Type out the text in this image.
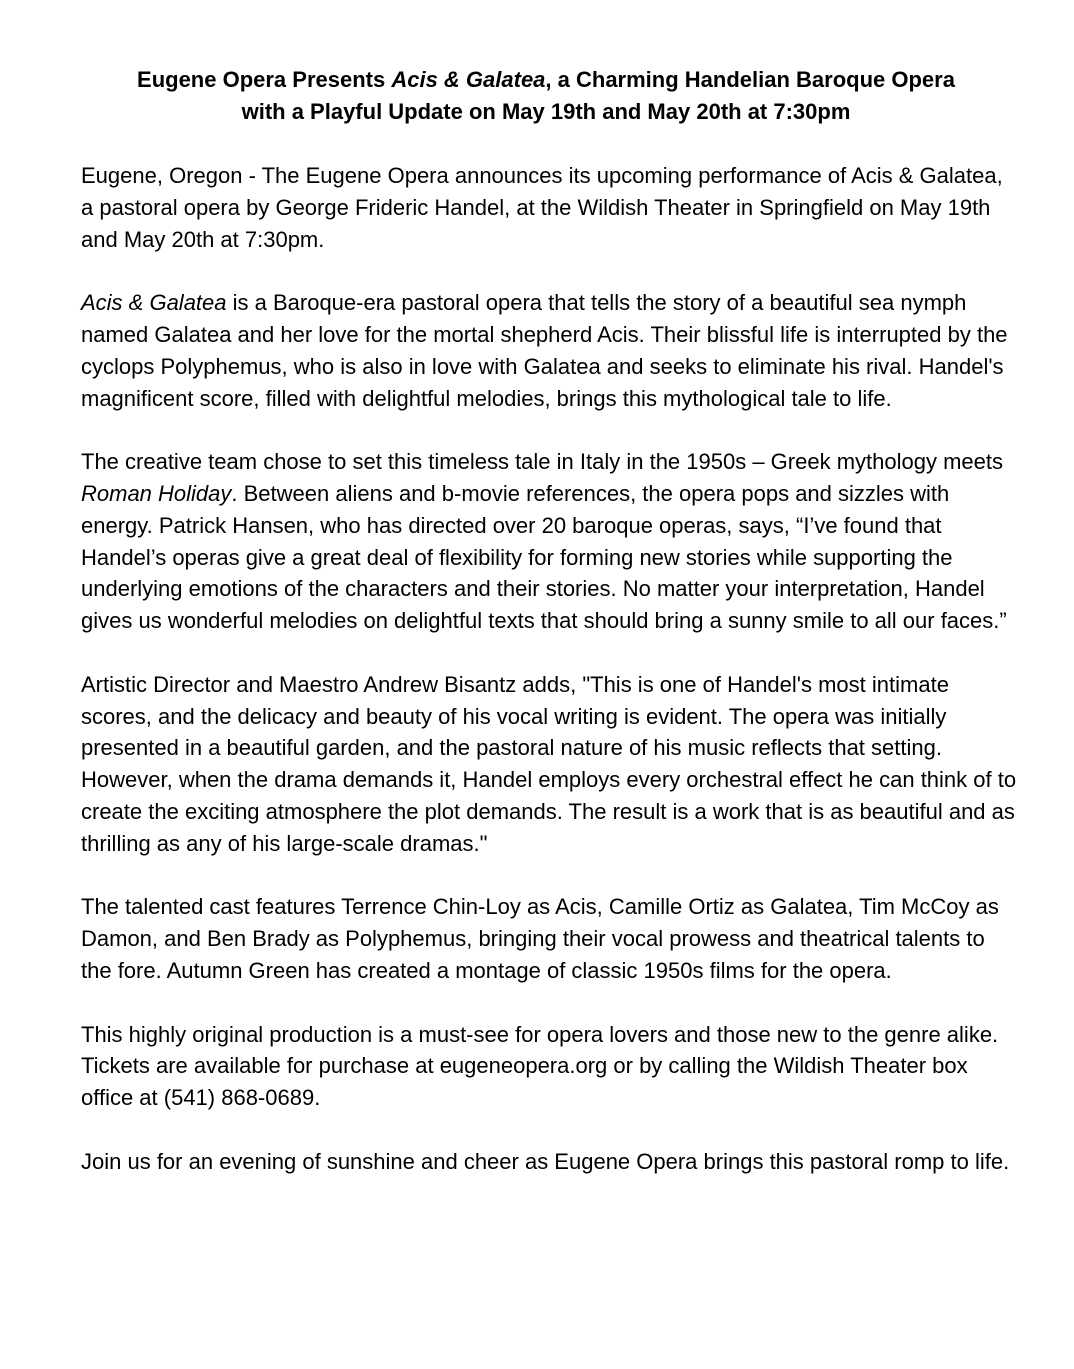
Eugene Opera Presents Acis & Galatea, a Charming Handelian Baroque Opera
with a Playful Update on May 19th and May 20th at 7:30pm

Eugene, Oregon - The Eugene Opera announces its upcoming performance of Acis & Galatea, a pastoral opera by George Frideric Handel, at the Wildish Theater in Springfield on May 19th and May 20th at 7:30pm.

Acis & Galatea is a Baroque-era pastoral opera that tells the story of a beautiful sea nymph named Galatea and her love for the mortal shepherd Acis. Their blissful life is interrupted by the cyclops Polyphemus, who is also in love with Galatea and seeks to eliminate his rival. Handel's magnificent score, filled with delightful melodies, brings this mythological tale to life.

The creative team chose to set this timeless tale in Italy in the 1950s – Greek mythology meets Roman Holiday. Between aliens and b-movie references, the opera pops and sizzles with energy. Patrick Hansen, who has directed over 20 baroque operas, says, “I’ve found that Handel’s operas give a great deal of flexibility for forming new stories while supporting the underlying emotions of the characters and their stories. No matter your interpretation, Handel gives us wonderful melodies on delightful texts that should bring a sunny smile to all our faces.”

Artistic Director and Maestro Andrew Bisantz adds, "This is one of Handel's most intimate scores, and the delicacy and beauty of his vocal writing is evident. The opera was initially presented in a beautiful garden, and the pastoral nature of his music reflects that setting. However, when the drama demands it, Handel employs every orchestral effect he can think of to create the exciting atmosphere the plot demands. The result is a work that is as beautiful and as thrilling as any of his large-scale dramas."

The talented cast features Terrence Chin-Loy as Acis, Camille Ortiz as Galatea, Tim McCoy as Damon, and Ben Brady as Polyphemus, bringing their vocal prowess and theatrical talents to the fore. Autumn Green has created a montage of classic 1950s films for the opera.

This highly original production is a must-see for opera lovers and those new to the genre alike. Tickets are available for purchase at eugeneopera.org or by calling the Wildish Theater box office at (541) 868-0689.

Join us for an evening of sunshine and cheer as Eugene Opera brings this pastoral romp to life.
